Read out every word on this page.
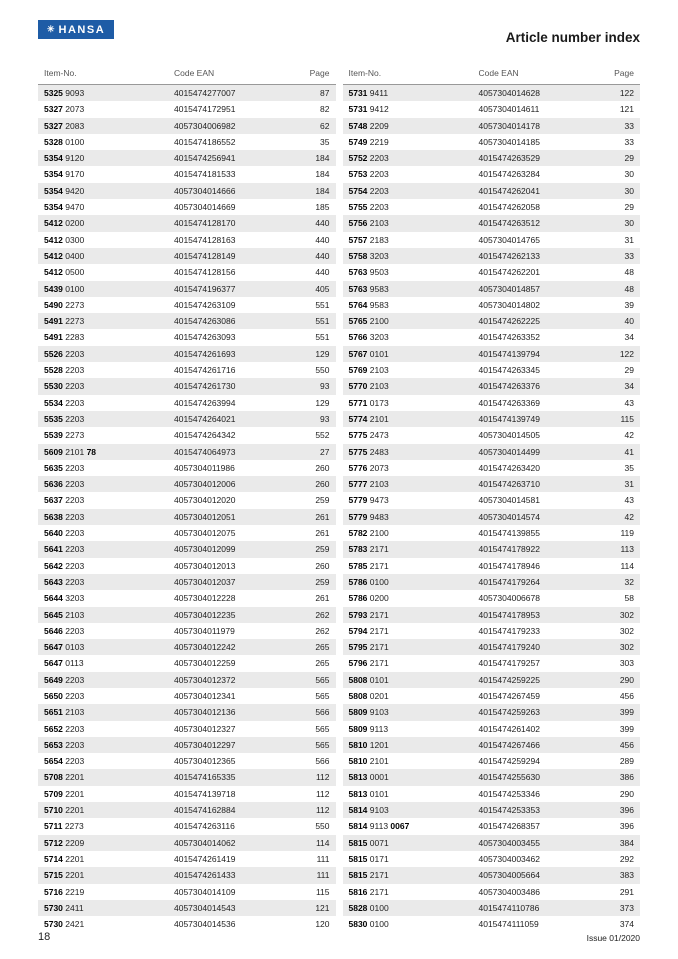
✳ HANSA
Article number index
Item-No.	Code EAN	Page
5325 9093	4015474277007	87
5327 2073	4015474172951	82
5327 2083	4057304006982	62
5328 0100	4015474186552	35
5354 9120	4015474256941	184
5354 9170	4015474181533	184
5354 9420	4057304014666	184
5354 9470	4057304014669	185
5412 0200	4015474128170	440
5412 0300	4015474128163	440
5412 0400	4015474128149	440
5412 0500	4015474128156	440
5439 0100	4015474196377	405
5490 2273	4015474263109	551
5491 2273	4015474263086	551
5491 2283	4015474263093	551
5526 2203	4015474261693	129
5528 2203	4015474261716	550
5530 2203	4015474261730	93
5534 2203	4015474263994	129
5535 2203	4015474264021	93
5539 2273	4015474264342	552
5609 2101 78	4015474064973	27
5635 2203	4057304011986	260
5636 2203	4057304012006	260
5637 2203	4057304012020	259
5638 2203	4057304012051	261
5640 2203	4057304012075	261
5641 2203	4057304012099	259
5642 2203	4057304012013	260
5643 2203	4057304012037	259
5644 3203	4057304012228	261
5645 2103	4057304012235	262
5646 2203	4057304011979	262
5647 0103	4057304012242	265
5647 0113	4057304012259	265
5649 2203	4057304012372	565
5650 2203	4057304012341	565
5651 2103	4057304012136	566
5652 2203	4057304012327	565
5653 2203	4057304012297	565
5654 2203	4057304012365	566
5708 2201	4015474165335	112
5709 2201	4015474139718	112
5710 2201	4015474162884	112
5711 2273	4015474263116	550
5712 2209	4057304014062	114
5714 2201	4015474261419	111
5715 2201	4015474261433	111
5716 2219	4057304014109	115
5730 2411	4057304014543	121
5730 2421	4057304014536	120
Item-No.	Code EAN	Page
5731 9411	4057304014628	122
5731 9412	4057304014611	121
5748 2209	4057304014178	33
5749 2219	4057304014185	33
5752 2203	4015474263529	29
5753 2203	4015474263284	30
5754 2203	4015474262041	30
5755 2203	4015474262058	29
5756 2103	4015474263512	30
5757 2183	4057304014765	31
5758 3203	4015474262133	33
5763 9503	4015474262201	48
5763 9583	4057304014857	48
5764 9583	4057304014802	39
5765 2100	4015474262225	40
5766 3203	4015474263352	34
5767 0101	4015474139794	122
5769 2103	4015474263345	29
5770 2103	4015474263376	34
5771 0173	4015474263369	43
5774 2101	4015474139749	115
5775 2473	4057304014505	42
5775 2483	4057304014499	41
5776 2073	4015474263420	35
5777 2103	4015474263710	31
5779 9473	4057304014581	43
5779 9483	4057304014574	42
5782 2100	4015474139855	119
5783 2171	4015474178922	113
5785 2171	4015474178946	114
5786 0100	4015474179264	32
5786 0200	4057304006678	58
5793 2171	4015474178953	302
5794 2171	4015474179233	302
5795 2171	4015474179240	302
5796 2171	4015474179257	303
5808 0101	4015474259225	290
5808 0201	4015474267459	456
5809 9103	4015474259263	399
5809 9113	4015474261402	399
5810 1201	4015474267466	456
5810 2101	4015474259294	289
5813 0001	4015474255630	386
5813 0101	4015474253346	290
5814 9103	4015474253353	396
5814 9113 0067	4015474268357	396
5815 0071	4057304003455	384
5815 0171	4057304003462	292
5815 2171	4057304005664	383
5816 2171	4057304003486	291
5828 0100	4015474110786	373
5830 0100	4015474111059	374
18	Issue 01/2020
